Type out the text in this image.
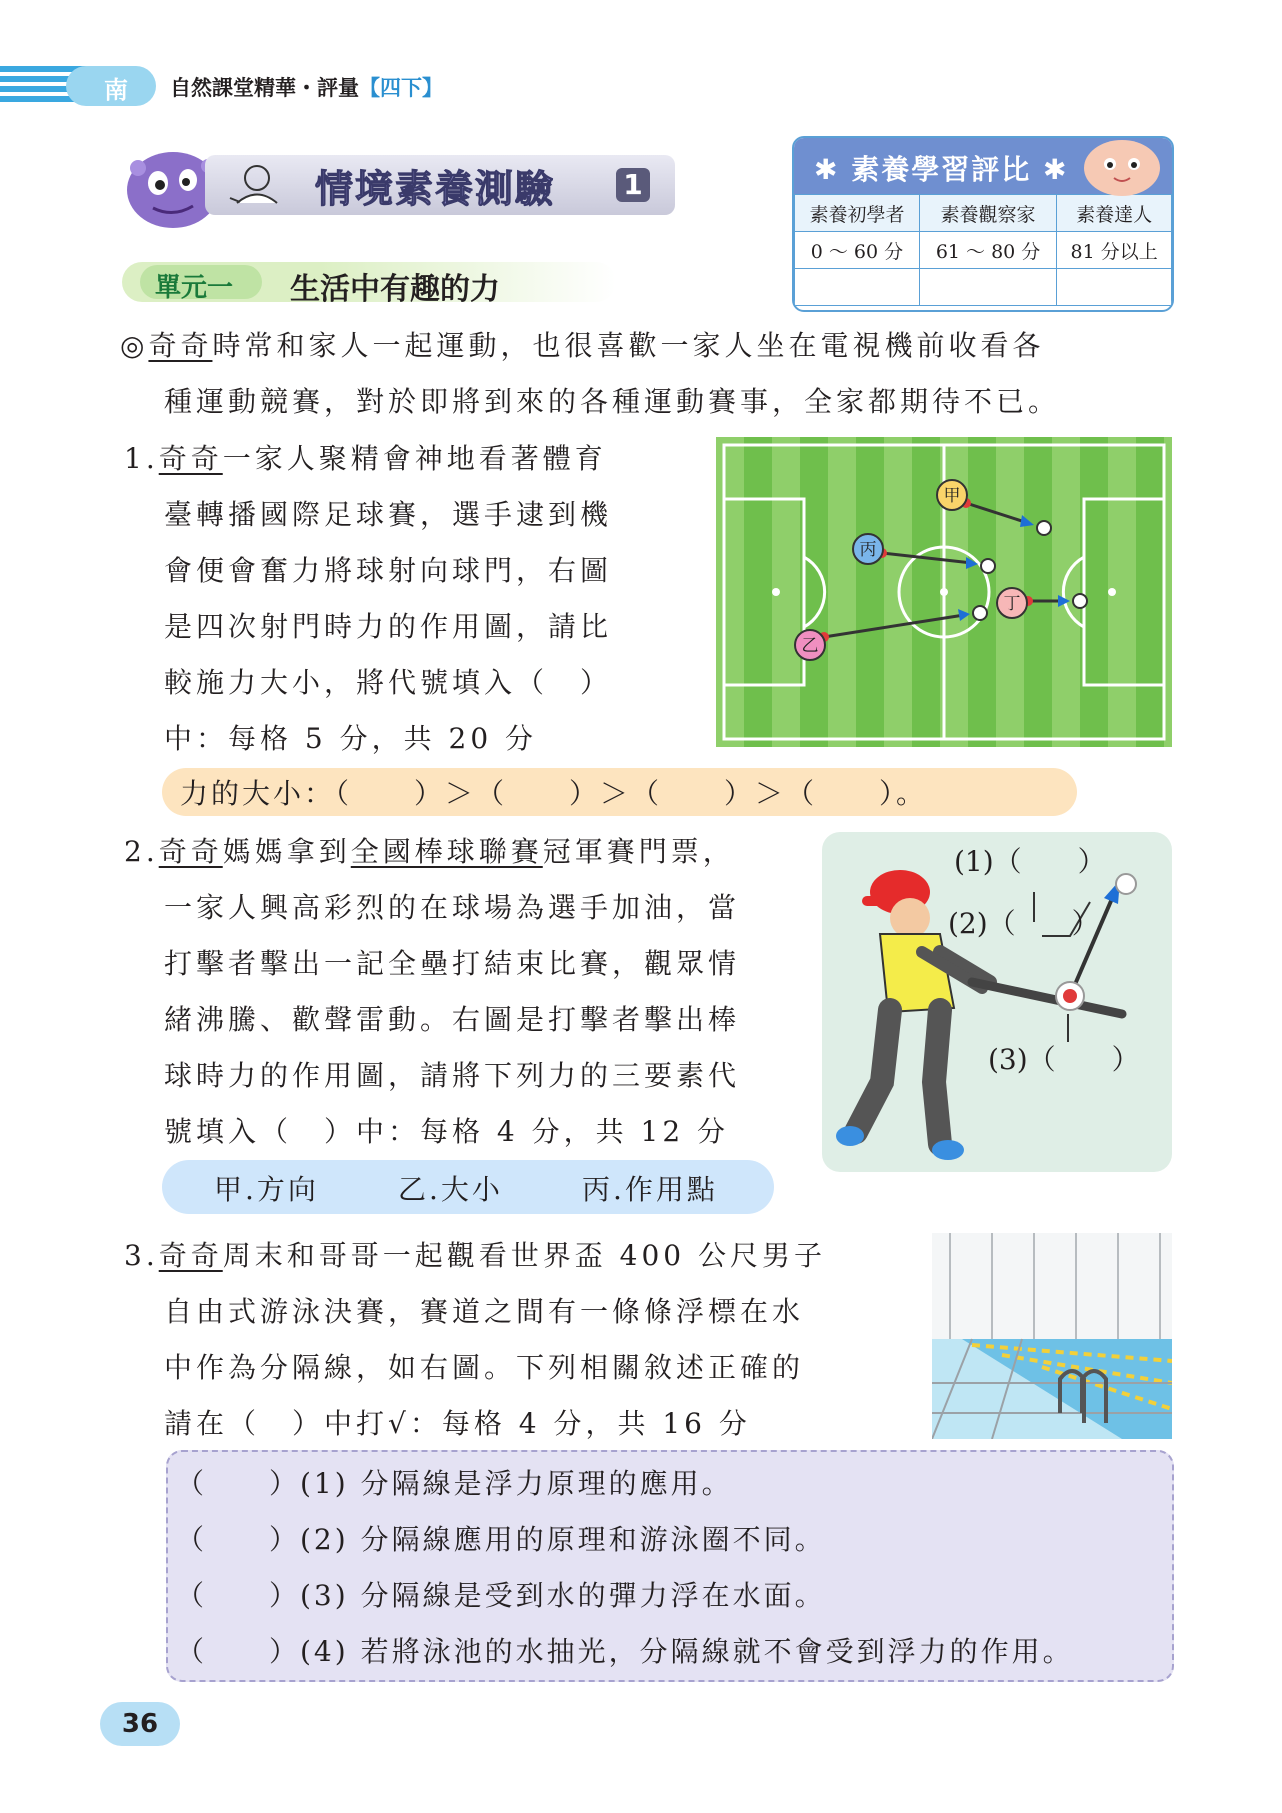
南 自然課堂精華・評量【四下】
情境素養測驗 1	✱ 素養學習評比 ✱
素養初學者	素養觀察家	素養達人
0 ～ 60 分	61 ～ 80 分	81 分以上

單元一 生活中有趣的力
◎奇奇時常和家人一起運動，也很喜歡一家人坐在電視機前收看各
種運動競賽，對於即將到來的各種運動賽事，全家都期待不已。
1.奇奇一家人聚精會神地看著體育
臺轉播國際足球賽，選手逮到機
會便會奮力將球射向球門，右圖
是四次射門時力的作用圖，請比
較施力大小，將代號填入（　）
中：每格 5 分，共 20 分
甲
丙
丁
乙
力的大小：（　　）＞（　　）＞（　　）＞（　　）。
2.奇奇媽媽拿到全國棒球聯賽冠軍賽門票，
一家人興高彩烈的在球場為選手加油，當
打擊者擊出一記全壘打結束比賽，觀眾情
緒沸騰、歡聲雷動。右圖是打擊者擊出棒
球時力的作用圖，請將下列力的三要素代
號填入（　）中：每格 4 分，共 12 分
甲.方向	乙.大小	丙.作用點
(1)（　　）
(2)（　　）
(3)（　　）
3.奇奇周末和哥哥一起觀看世界盃 400 公尺男子
自由式游泳決賽，賽道之間有一條條浮標在水
中作為分隔線，如右圖。下列相關敘述正確的
請在（　）中打√：每格 4 分，共 16 分
（　　）(1) 分隔線是浮力原理的應用。
（　　）(2) 分隔線應用的原理和游泳圈不同。
（　　）(3) 分隔線是受到水的彈力浮在水面。
（　　）(4) 若將泳池的水抽光，分隔線就不會受到浮力的作用。
36
